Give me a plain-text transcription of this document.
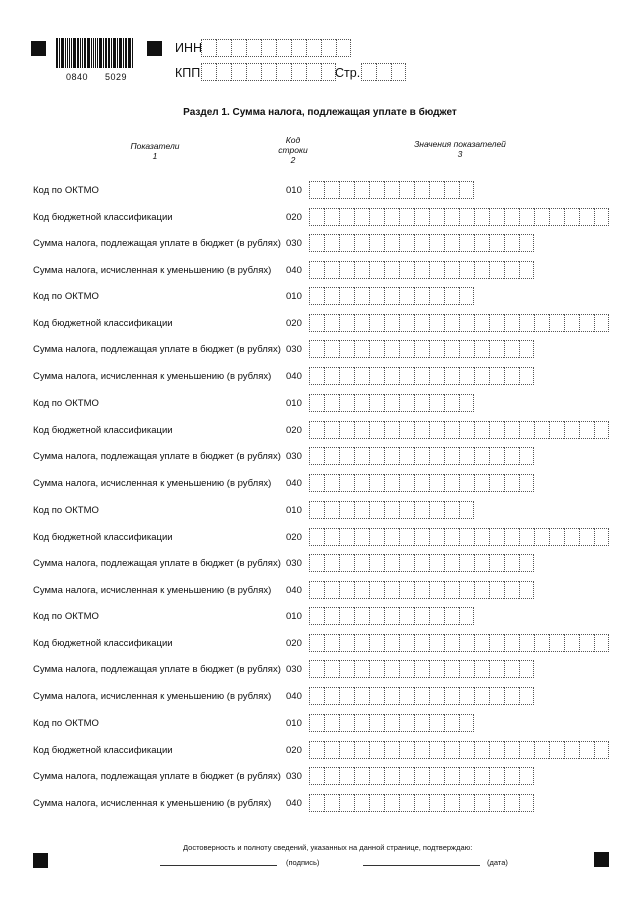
0840 5029
ИНН
КПП	Стр.
Раздел 1. Сумма налога, подлежащая уплате в бюджет
Показатели
1
Код
строки
2
Значения показателей
3
Код по ОКТМО	010
Код бюджетной классификации	020
Сумма налога, подлежащая уплате в бюджет (в рублях) 030
Сумма налога, исчисленная к уменьшению (в рублях) 040
Код по ОКТМО	010
Код бюджетной классификации	020
Сумма налога, подлежащая уплате в бюджет (в рублях) 030
Сумма налога, исчисленная к уменьшению (в рублях) 040
Код по ОКТМО	010
Код бюджетной классификации	020
Сумма налога, подлежащая уплате в бюджет (в рублях) 030
Сумма налога, исчисленная к уменьшению (в рублях) 040
Код по ОКТМО	010
Код бюджетной классификации	020
Сумма налога, подлежащая уплате в бюджет (в рублях) 030
Сумма налога, исчисленная к уменьшению (в рублях) 040
Код по ОКТМО	010
Код бюджетной классификации	020
Сумма налога, подлежащая уплате в бюджет (в рублях) 030
Сумма налога, исчисленная к уменьшению (в рублях) 040
Код по ОКТМО	010
Код бюджетной классификации	020
Сумма налога, подлежащая уплате в бюджет (в рублях) 030
Сумма налога, исчисленная к уменьшению (в рублях) 040
Достоверность и полноту сведений, указанных на данной странице, подтверждаю:
(подпись)	(дата)
